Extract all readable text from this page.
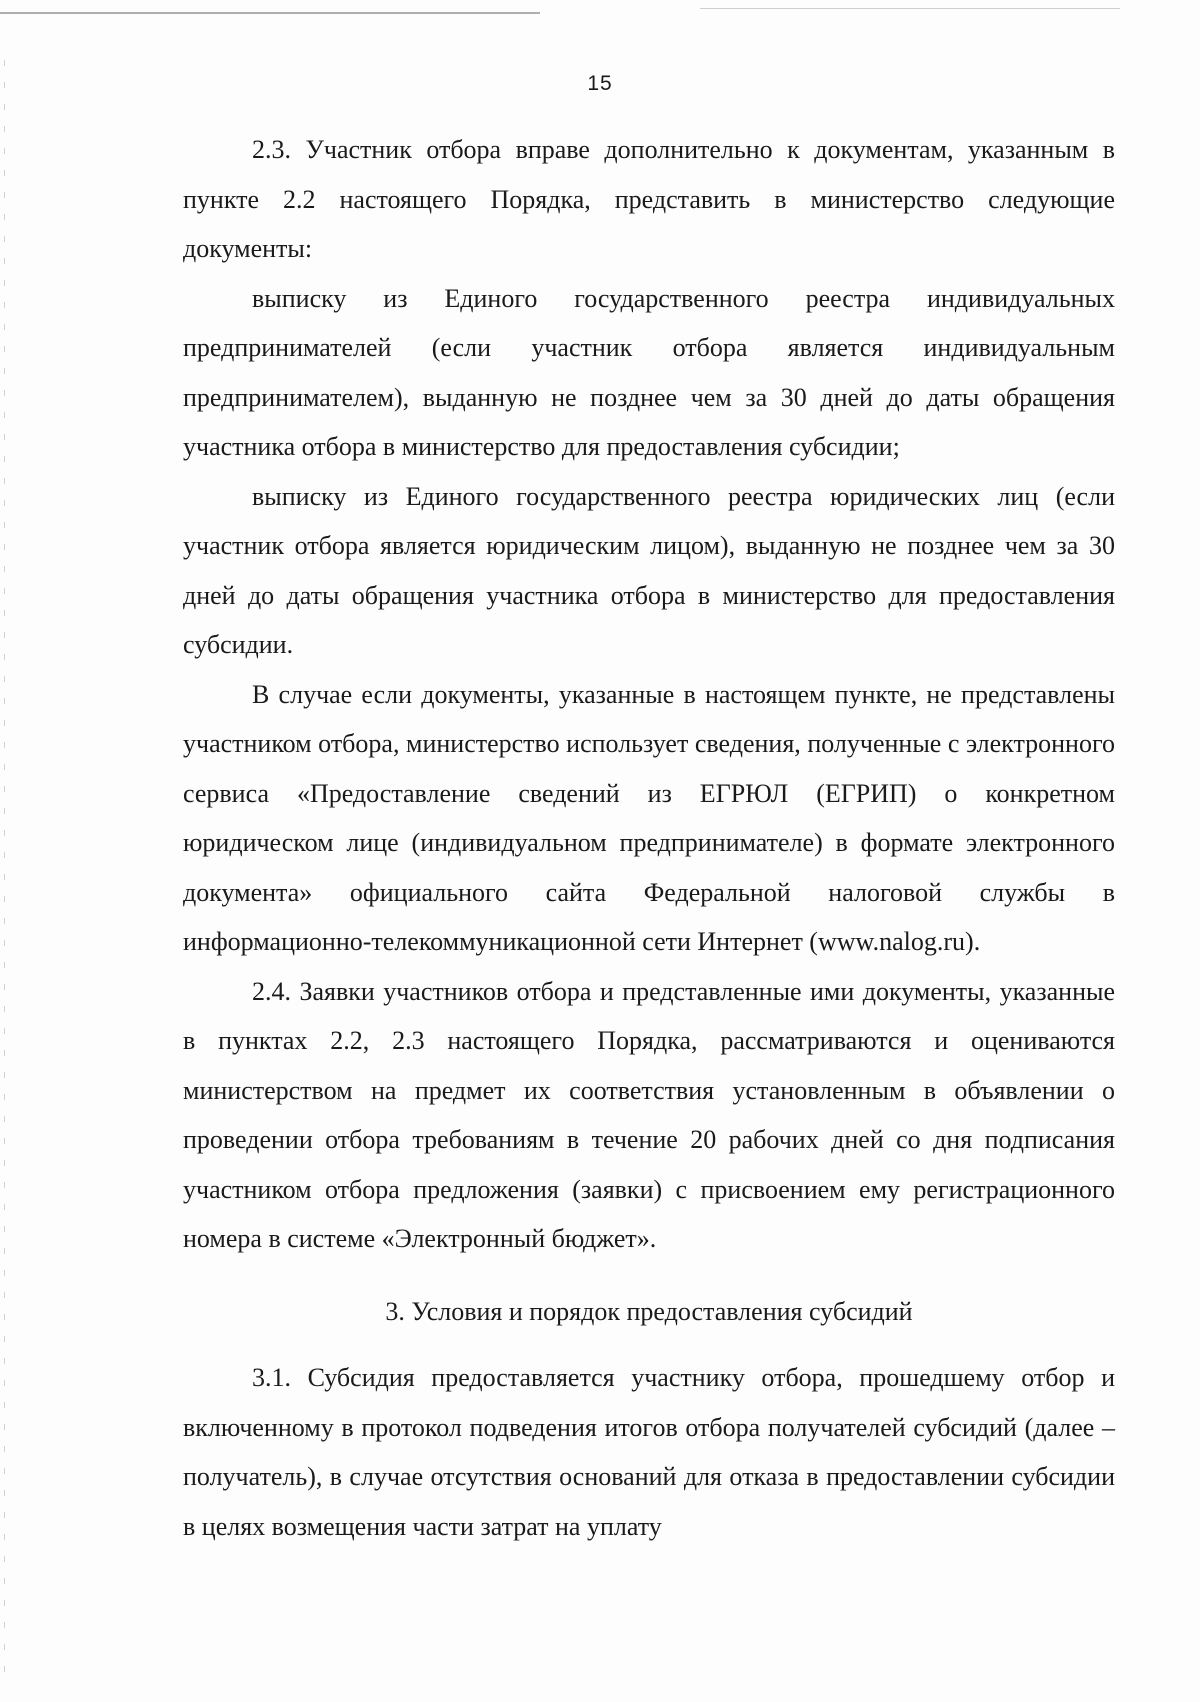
15

2.3. Участник отбора вправе дополнительно к документам, указанным в пункте 2.2 настоящего Порядка, представить в министерство следующие документы:

выписку из Единого государственного реестра индивидуальных предпринимателей (если участник отбора является индивидуальным предпринимателем), выданную не позднее чем за 30 дней до даты обращения участника отбора в министерство для предоставления субсидии;

выписку из Единого государственного реестра юридических лиц (если участник отбора является юридическим лицом), выданную не позднее чем за 30 дней до даты обращения участника отбора в министерство для предоставления субсидии.

В случае если документы, указанные в настоящем пункте, не представлены участником отбора, министерство использует сведения, полученные с электронного сервиса «Предоставление сведений из ЕГРЮЛ (ЕГРИП) о конкретном юридическом лице (индивидуальном предпринимателе) в формате электронного документа» официального сайта Федеральной налоговой службы в информационно-телекоммуникационной сети Интернет (www.nalog.ru).

2.4. Заявки участников отбора и представленные ими документы, указанные в пунктах 2.2, 2.3 настоящего Порядка, рассматриваются и оцениваются министерством на предмет их соответствия установленным в объявлении о проведении отбора требованиям в течение 20 рабочих дней со дня подписания участником отбора предложения (заявки) с присвоением ему регистрационного номера в системе «Электронный бюджет».

3. Условия и порядок предоставления субсидий

3.1. Субсидия предоставляется участнику отбора, прошедшему отбор и включенному в протокол подведения итогов отбора получателей субсидий (далее – получатель), в случае отсутствия оснований для отказа в предоставлении субсидии в целях возмещения части затрат на уплату
